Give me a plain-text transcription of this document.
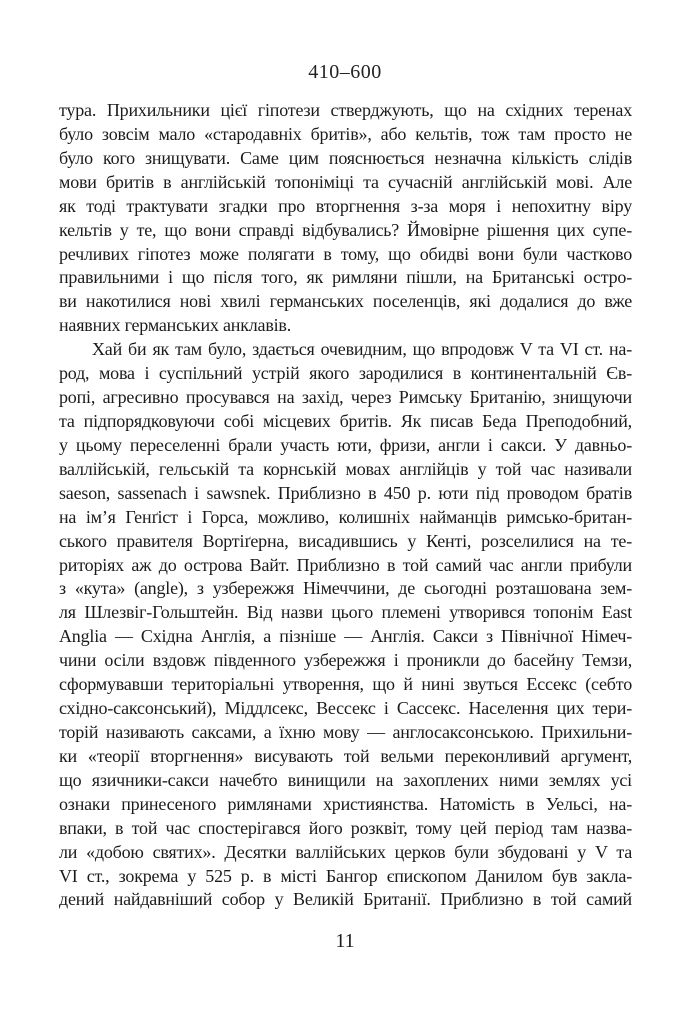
410–600
тура. Прихильники цієї гіпотези стверджують, що на східних теренах
було зовсім мало «стародавніх бритів», або кельтів, тож там просто не
було кого знищувати. Саме цим пояснюється незначна кількість слідів
мови бритів в англійській топоніміці та сучасній англійській мові. Але
як тоді трактувати згадки про вторгнення з-за моря і непохитну віру
кельтів у те, що вони справді відбувались? Ймовірне рішення цих супе-
речливих гіпотез може полягати в тому, що обидві вони були частково
правильними і що після того, як римляни пішли, на Британські остро-
ви накотилися нові хвилі германських поселенців, які додалися до вже
наявних германських анклавів.
Хай би як там було, здається очевидним, що впродовж V та VI ст. на-
род, мова і суспільний устрій якого зародилися в континентальній Єв-
ропі, агресивно просувався на захід, через Римську Британію, знищуючи
та підпорядковуючи собі місцевих бритів. Як писав Беда Преподобний,
у цьому переселенні брали участь юти, фризи, англи і сакси. У давньо-
валлійській, гельській та корнській мовах англійців у той час називали
saeson, sassenach i sawsnek. Приблизно в 450 р. юти під проводом братів
на ім’я Генґіст і Горса, можливо, колишніх найманців римсько-британ-
ського правителя Вортіґерна, висадившись у Кенті, розселилися на те-
риторіях аж до острова Вайт. Приблизно в той самий час англи прибули
з «кута» (angle), з узбережжя Німеччини, де сьогодні розташована зем-
ля Шлезвіг-Гольштейн. Від назви цього племені утворився топонім East
Anglia — Східна Англія, а пізніше — Англія. Сакси з Північної Німеч-
чини осіли вздовж південного узбережжя і проникли до басейну Темзи,
сформувавши територіальні утворення, що й нині звуться Ессекс (себто
східно-саксонський), Міддлсекс, Вессекс і Сассекс. Населення цих тери-
торій називають саксами, а їхню мову — англосаксонською. Прихильни-
ки «теорії вторгнення» висувають той вельми переконливий аргумент,
що язичники-сакси начебто винищили на захоплених ними землях усі
ознаки принесеного римлянами християнства. Натомість в Уельсі, на-
впаки, в той час спостерігався його розквіт, тому цей період там назва-
ли «добою святих». Десятки валлійських церков були збудовані у V та
VI ст., зокрема у 525 р. в місті Бангор єпископом Данилом був закла-
дений найдавніший собор у Великій Британії. Приблизно в той самий
11
